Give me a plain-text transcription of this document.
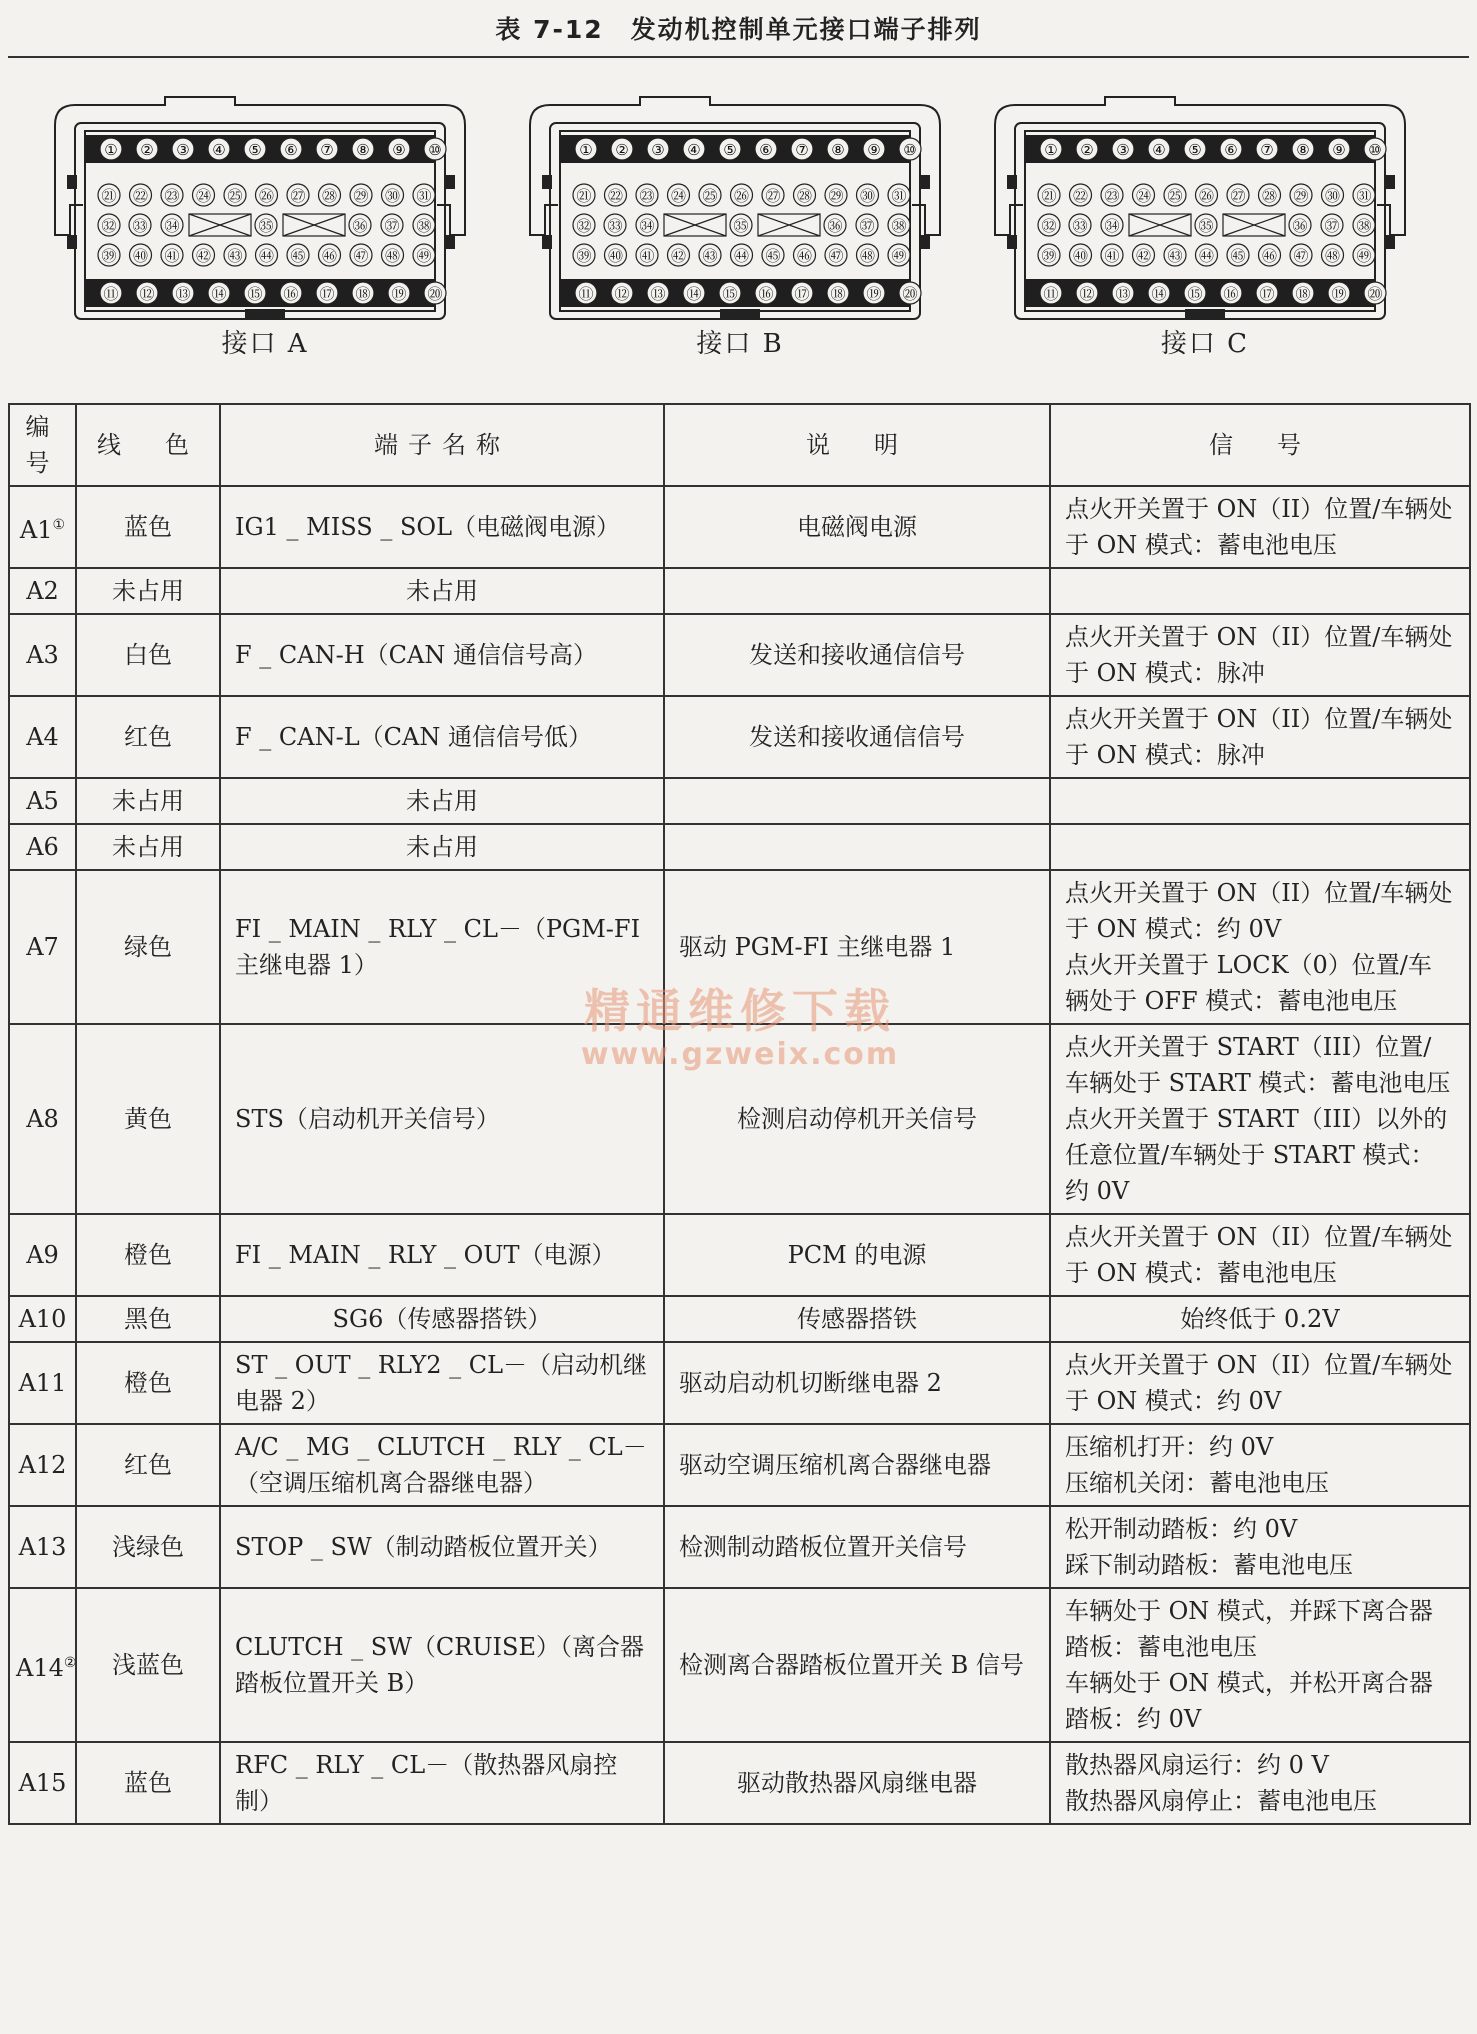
表 7-12　发动机控制单元接口端子排列
① ② ③ ④ ⑤ ⑥ ⑦ ⑧ ⑨ ⑩
㉑ ㉒ ㉓ ㉔ ㉕ ㉖ ㉗ ㉘ ㉙ ㉚ ㉛
㉜ ㉝ ㉞	㉟	㊱ ㊲ ㊳
㊴ ㊵ ㊶ ㊷ ㊸ ㊹ ㊺ ㊻ ㊼ ㊽ ㊾
⑪ ⑫ ⑬ ⑭ ⑮ ⑯ ⑰ ⑱ ⑲ ⑳
接口 A
① ② ③ ④ ⑤ ⑥ ⑦ ⑧ ⑨ ⑩
㉑ ㉒ ㉓ ㉔ ㉕ ㉖ ㉗ ㉘ ㉙ ㉚ ㉛
㉜ ㉝ ㉞	㉟	㊱ ㊲ ㊳
㊴ ㊵ ㊶ ㊷ ㊸ ㊹ ㊺ ㊻ ㊼ ㊽ ㊾
⑪ ⑫ ⑬ ⑭ ⑮ ⑯ ⑰ ⑱ ⑲ ⑳
接口 B
① ② ③ ④ ⑤ ⑥ ⑦ ⑧ ⑨ ⑩
㉑ ㉒ ㉓ ㉔ ㉕ ㉖ ㉗ ㉘ ㉙ ㉚ ㉛
㉜ ㉝ ㉞	㉟	㊱ ㊲ ㊳
㊴ ㊵ ㊶ ㊷ ㊸ ㊹ ㊺ ㊻ ㊼ ㊽ ㊾
⑪ ⑫ ⑬ ⑭ ⑮ ⑯ ⑰ ⑱ ⑲ ⑳
接口 C
编 号	线　色	端子名称	说　明	信　号
A1①	蓝色	IG1 _ MISS _ SOL（电磁阀电源）	电磁阀电源	点火开关置于 ON（II）位置/车辆处于 ON 模式：蓄电池电压

A2	未占用	未占用		
A3	白色	F _ CAN-H（CAN 通信信号高）	发送和接收通信信号	点火开关置于 ON（II）位置/车辆处于 ON 模式：脉冲

A4	红色	F _ CAN-L（CAN 通信信号低）	发送和接收通信信号	点火开关置于 ON（II）位置/车辆处于 ON 模式：脉冲

A5	未占用	未占用		
A6	未占用	未占用		
A7	绿色	FI _ MAIN _ RLY _ CL－（PGM-FI 主继电器 1）	驱动 PGM-FI 主继电器 1	点火开关置于 ON（II）位置/车辆处于 ON 模式：约 0V
点火开关置于 LOCK（0）位置/车辆处于 OFF 模式：蓄电池电压

A8	黄色	STS（启动机开关信号）	检测启动停机开关信号	点火开关置于 START（III）位置/车辆处于 START 模式：蓄电池电压
点火开关置于 START（III）以外的任意位置/车辆处于 START 模式：约 0V

A9	橙色	FI _ MAIN _ RLY _ OUT（电源）	PCM 的电源	点火开关置于 ON（II）位置/车辆处于 ON 模式：蓄电池电压

A10	黑色	SG6（传感器搭铁）	传感器搭铁	始终低于 0.2V

A11	橙色	ST _ OUT _ RLY2 _ CL－（启动机继电器 2）	驱动启动机切断继电器 2	点火开关置于 ON（II）位置/车辆处于 ON 模式：约 0V

A12	红色	A/C _ MG _ CLUTCH _ RLY _ CL－（空调压缩机离合器继电器）	驱动空调压缩机离合器继电器	压缩机打开：约 0V
压缩机关闭：蓄电池电压

A13	浅绿色	STOP _ SW（制动踏板位置开关）	检测制动踏板位置开关信号	松开制动踏板：约 0V
踩下制动踏板：蓄电池电压

A14②	浅蓝色	CLUTCH _ SW（CRUISE）（离合器踏板位置开关 B）	检测离合器踏板位置开关 B 信号	车辆处于 ON 模式，并踩下离合器踏板：蓄电池电压
车辆处于 ON 模式，并松开离合器踏板：约 0V

A15	蓝色	RFC _ RLY _ CL－（散热器风扇控制）	驱动散热器风扇继电器	散热器风扇运行：约 0 V
散热器风扇停止：蓄电池电压
精通维修下载
www.gzweix.com
